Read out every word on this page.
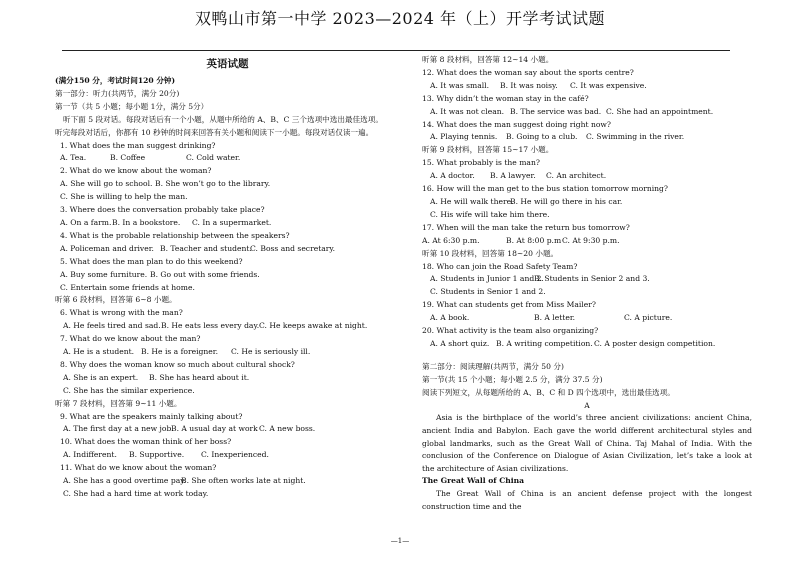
双鸭山市第一中学 2023—2024 年（上）开学考试试题
英语试题
(满分150 分，考试时间120 分钟)
第一部分：听力(共两节，满分 20分)
第一节（共 5 小题；每小题 1分，满分 5分）
听下面 5 段对话。每段对话后有一个小题，从题中所给的 A、B、C 三个选项中选出最佳选项。
听完每段对话后，你都有 10 秒钟的时间来回答有关小题和阅读下一小题。每段对话仅读一遍。
1. What does the man suggest drinking?
A. Tea.	B. Coffee	C. Cold water.
2. What do we know about the woman?
A. She will go to school. B. She won’t go to the library.
C. She is willing to help the man.
3. Where does the conversation probably take place?
A. On a farm. B. In a bookstore.	C. In a supermarket.
4. What is the probable relationship between the speakers?
A. Policeman and driver. B. Teacher and student.
C. Boss and secretary.
5. What does the man plan to do this weekend?
A. Buy some furniture. B. Go out with some friends.
C. Entertain some friends at home.
听第 6 段材料，回答第 6~8 小题。
6. What is wrong with the man?
A. He feels tired and sad. B. He eats less every day. C. He keeps awake at night.
7. What do we know about the man?
A. He is a student. B. He is a foreigner.	C. He is seriously ill.
8. Why does the woman know so much about cultural shock?
A. She is an expert.	B. She has heard about it.
C. She has the similar experience.
听第 7 段材料，回答第 9~11 小题。
9. What are the speakers mainly talking about?
A. The first day at a new job.
B. A usual day at work C. A new boss.
10. What does the woman think of her boss?
A. Indifferent.	B. Supportive.	C. Inexperienced.
11. What do we know about the woman?
A. She has a good overtime pay.
B. She often works late at night.
C. She had a hard time at work today.
听第 8 段材料，回答第 12~14 小题。
12. What does the woman say about the sports centre?
A. It was small.	B. It was noisy.	C. It was expensive.
13. Why didn’t the woman stay in the café?
A. It was not clean. B. The service was bad. C. She had an appointment.
14. What does the man suggest doing right now?
A. Playing tennis.	B. Going to a club.	C. Swimming in the river.
听第 9 段材料，回答第 15~17 小题。
15. What probably is the man?
A. A doctor.	B. A lawyer.	C. An architect.
16. How will the man get to the bus station tomorrow morning?
A. He will walk there.
B. He will go there in his car.
C. His wife will take him there.
17. When will the man take the return bus tomorrow?
A. At 6:30 p.m.	B. At 8:00 p.m C. At 9:30 p.m.
听第 10 段材料，回答第 18~20 小题。
18. Who can join the Road Safety Team?
A. Students in Junior 1 and 2.
B. Students in Senior 2 and 3.
C. Students in Senior 1 and 2.
19. What can students get from Miss Mailer?
A. A book.	B. A letter.	C. A picture.
20. What activity is the team also organizing?
A. A short quiz. B. A writing competition. C. A poster design competition.
第二部分：阅读理解(共两节，满分 50 分)
第一节(共 15 个小题；每小题 2.5 分，满分 37.5 分)
阅读下列短文，从每题所给的 A、B、C 和 D 四个选项中，选出最佳选项。
A
Asia is the birthplace of the world’s three ancient civilizations: ancient China, ancient India and Babylon. Each gave the world different architectural styles and global landmarks, such as the Great Wall of China. Taj Mahal of India. With the conclusion of the Conference on Dialogue of Asian Civilization, let’s take a look at the architecture of Asian civilizations.
The Great Wall of China
The Great Wall of China is an ancient defense project with the longest construction time and the
—1—
